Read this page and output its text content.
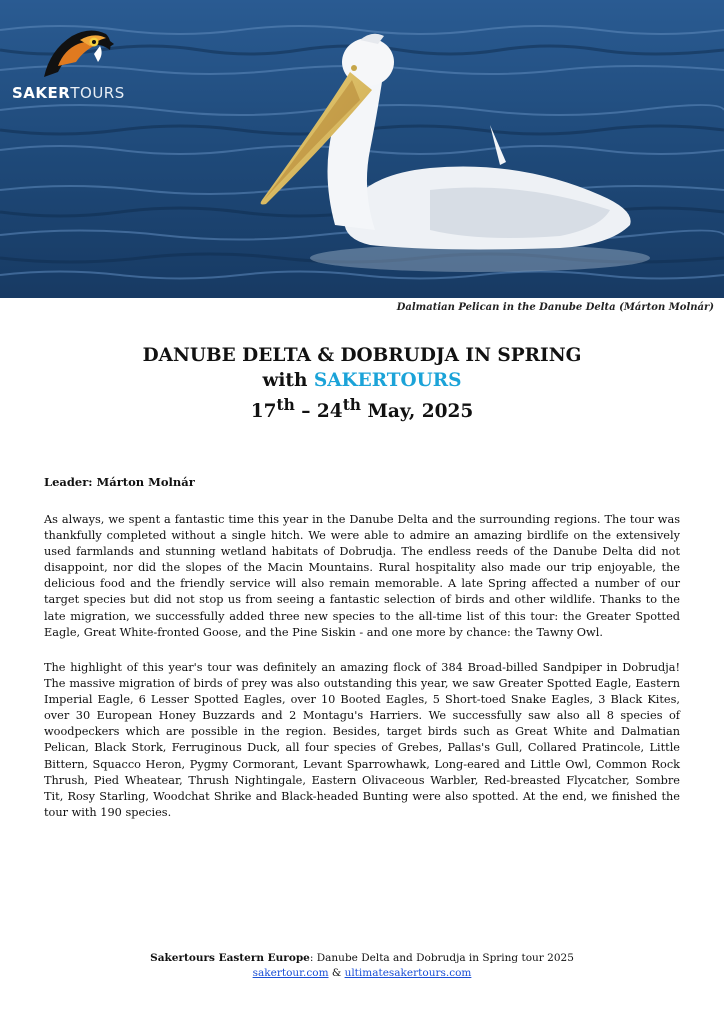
SAKERTOURS
Dalmatian Pelican in the Danube Delta (Márton Molnár)
DANUBE DELTA & DOBRUDJA IN SPRING
with SAKERTOURS
17th – 24th May, 2025
Leader: Márton Molnár

As always, we spent a fantastic time this year in the Danube Delta and the surrounding regions. The tour was thankfully completed without a single hitch. We were able to admire an amazing birdlife on the extensively used farmlands and stunning wetland habitats of Dobrudja. The endless reeds of the Danube Delta did not disappoint, nor did the slopes of the Macin Mountains. Rural hospitality also made our trip enjoyable, the delicious food and the friendly service will also remain memorable. A late Spring affected a number of our target species but did not stop us from seeing a fantastic selection of birds and other wildlife. Thanks to the late migration, we successfully added three new species to the all-time list of this tour: the Greater Spotted Eagle, Great White-fronted Goose, and the Pine Siskin - and one more by chance: the Tawny Owl.

The highlight of this year's tour was definitely an amazing flock of 384 Broad-billed Sandpiper in Dobrudja! The massive migration of birds of prey was also outstanding this year, we saw Greater Spotted Eagle, Eastern Imperial Eagle, 6 Lesser Spotted Eagles, over 10 Booted Eagles, 5 Short-toed Snake Eagles, 3 Black Kites, over 30 European Honey Buzzards and 2 Montagu's Harriers. We successfully saw also all 8 species of woodpeckers which are possible in the region. Besides, target birds such as Great White and Dalmatian Pelican, Black Stork, Ferruginous Duck, all four species of Grebes, Pallas's Gull, Collared Pratincole, Little Bittern, Squacco Heron, Pygmy Cormorant, Levant Sparrowhawk, Long-eared and Little Owl, Common Rock Thrush, Pied Wheatear, Thrush Nightingale, Eastern Olivaceous Warbler, Red-breasted Flycatcher, Sombre Tit, Rosy Starling, Woodchat Shrike and Black-headed Bunting were also spotted. At the end, we finished the tour with 190 species.

Sakertours Eastern Europe: Danube Delta and Dobrudja in Spring tour 2025
sakertour.com & ultimatesakertours.com
